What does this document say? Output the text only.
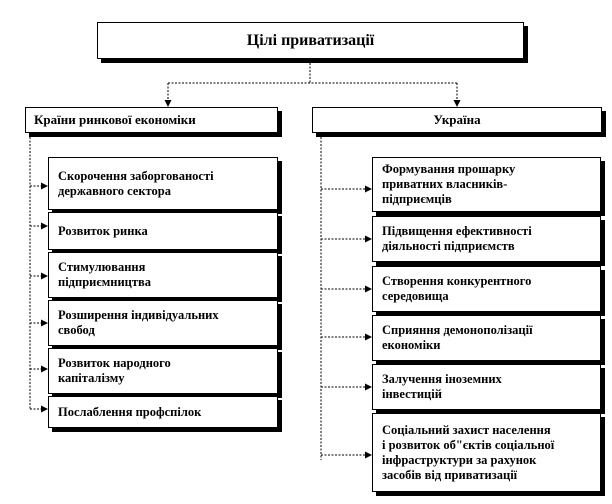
Цілі приватизації
Країни ринкової економіки	Україна
Скорочення заборгованості
державного сектора
Розвиток ринка
Стимулювання
підприємництва
Розширення індивідуальних
свобод
Розвиток народного
капіталізму
Послаблення профспілок
Формування прошарку
приватних власників-
підприємців
Підвищення ефективності
діяльності підприємств
Створення конкурентного
середовища
Сприяння демонополізації
економіки
Залучення іноземних
інвестицій
Соціальний захист населення
і розвиток об"єктів соціальної
інфраструктури за рахунок
засобів від приватизації
